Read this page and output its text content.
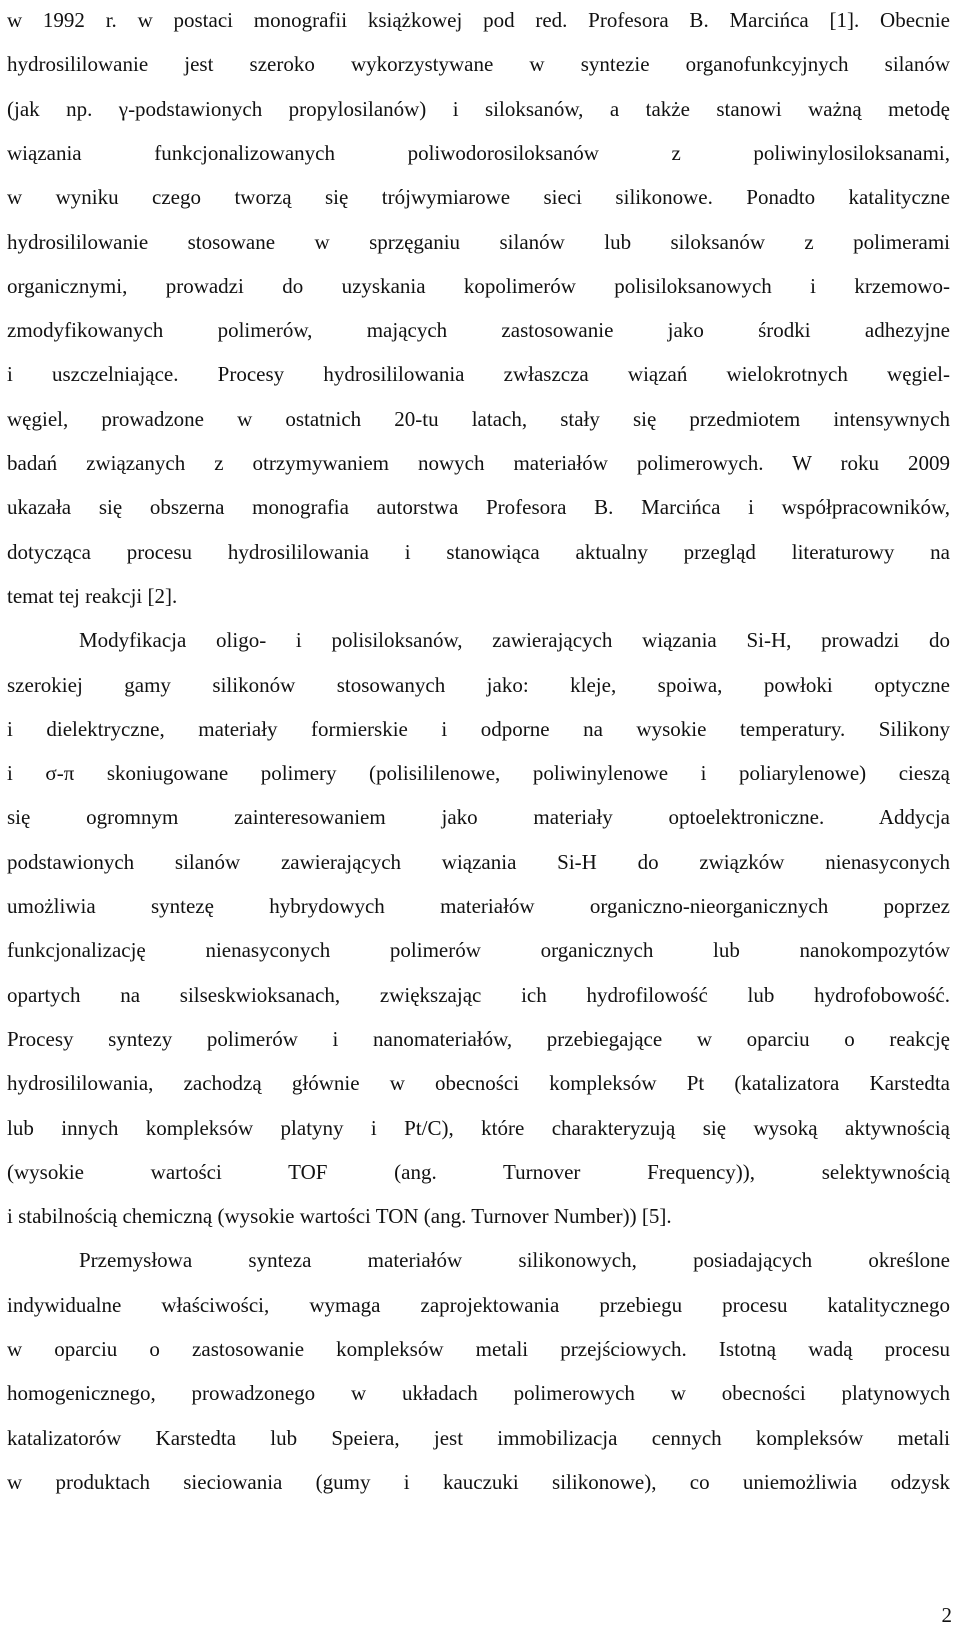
w 1992 r. w postaci monografii książkowej pod red. Profesora B. Marcińca [1]. Obecnie
hydrosililowanie jest szeroko wykorzystywane w syntezie organofunkcyjnych silanów
(jak np. γ-podstawionych propylosilanów) i siloksanów, a także stanowi ważną metodę
wiązania funkcjonalizowanych poliwodorosiloksanów z poliwinylosiloksanami,
w wyniku czego tworzą się trójwymiarowe sieci silikonowe. Ponadto katalityczne
hydrosililowanie stosowane w sprzęganiu silanów lub siloksanów z polimerami
organicznymi, prowadzi do uzyskania kopolimerów polisiloksanowych i krzemowo-
zmodyfikowanych polimerów, mających zastosowanie jako środki adhezyjne
i uszczelniające. Procesy hydrosililowania zwłaszcza wiązań wielokrotnych węgiel-
węgiel, prowadzone w ostatnich 20-tu latach, stały się przedmiotem intensywnych
badań związanych z otrzymywaniem nowych materiałów polimerowych. W roku 2009
ukazała się obszerna monografia autorstwa Profesora B. Marcińca i współpracowników,
dotycząca procesu hydrosililowania i stanowiąca aktualny przegląd literaturowy na
temat tej reakcji [2].
Modyfikacja oligo- i polisiloksanów, zawierających wiązania Si-H, prowadzi do
szerokiej gamy silikonów stosowanych jako: kleje, spoiwa, powłoki optyczne
i dielektryczne, materiały formierskie i odporne na wysokie temperatury. Silikony
i σ-π skoniugowane polimery (polisililenowe, poliwinylenowe i poliarylenowe) cieszą
się ogromnym zainteresowaniem jako materiały optoelektroniczne. Addycja
podstawionych silanów zawierających wiązania Si-H do związków nienasyconych
umożliwia syntezę hybrydowych materiałów organiczno-nieorganicznych poprzez
funkcjonalizację nienasyconych polimerów organicznych lub nanokompozytów
opartych na silseskwioksanach, zwiększając ich hydrofilowość lub hydrofobowość.
Procesy syntezy polimerów i nanomateriałów, przebiegające w oparciu o reakcję
hydrosililowania, zachodzą głównie w obecności kompleksów Pt (katalizatora Karstedta
lub innych kompleksów platyny i Pt/C), które charakteryzują się wysoką aktywnością
(wysokie wartości TOF (ang. Turnover Frequency)), selektywnością
i stabilnością chemiczną (wysokie wartości TON (ang. Turnover Number)) [5].
Przemysłowa synteza materiałów silikonowych, posiadających określone
indywidualne właściwości, wymaga zaprojektowania przebiegu procesu katalitycznego
w oparciu o zastosowanie kompleksów metali przejściowych. Istotną wadą procesu
homogenicznego, prowadzonego w układach polimerowych w obecności platynowych
katalizatorów Karstedta lub Speiera, jest immobilizacja cennych kompleksów metali
w produktach sieciowania (gumy i kauczuki silikonowe), co uniemożliwia odzysk
2
